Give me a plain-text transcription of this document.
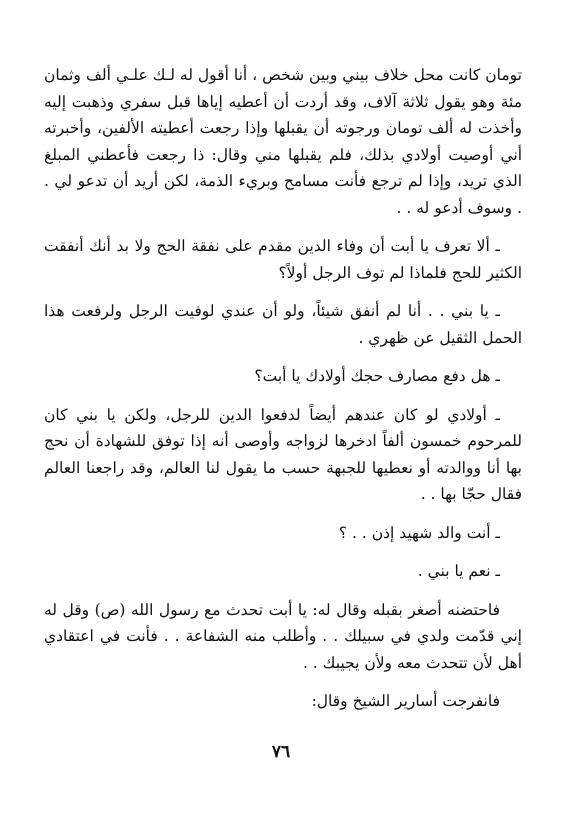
تومان كانت محل خلاف بيني وبين شخص ، أنا أقول له لـك علـي ألف وثمان مئة وهو يقول ثلاثة آلاف، وقد أردت أن أعطيه إياها قبل سفري وذهبت إليه وأخذت له ألف تومان ورجوته أن يقبلها وإذا رجعت أعطيته الألفين، وأخبرته أني أوصيت أولادي بذلك، فلم يقبلها مني وقال: ذا رجعت فأعطني المبلغ الذي تريد، وإذا لم ترجع فأنت مسامح وبريء الذمة، لكن أريد أن تدعو لي . . وسوف أدعو له . .

ـ ألا تعرف يا أبت أن وفاء الدين مقدم على نفقة الحج ولا بد أنك أنفقت الكثير للحج فلماذا لم توف الرجل أولاً؟

ـ يا بني . . أنا لم أنفق شيئاً، ولو أن عندي لوفيت الرجل ولرفعت هذا الحمل الثقيل عن ظهري .

ـ هل دفع مصارف حجك أولادك يا أبت؟

ـ أولادي لو كان عندهم أيضاً لدفعوا الدين للرجل، ولكن يا بني كان للمرحوم خمسون ألفاً ادخرها لزواجه وأوصى أنه إذا توفق للشهادة أن نحج بها أنا ووالدته أو نعطيها للجبهة حسب ما يقول لنا العالم، وقد راجعنا العالم فقال حجّا بها . .

ـ أنت والد شهيد إذن . . ؟

ـ نعم يا بني .

فاحتضنه أصغر بقبله وقال له: يا أبت تحدث مع رسول الله (ص) وقل له إني قدّمت ولدي في سبيلك . . وأطلب منه الشفاعة . . فأنت في اعتقادي أهل لأن تتحدث معه ولأن يجيبك . .

فانفرجت أسارير الشيخ وقال:

٧٦
